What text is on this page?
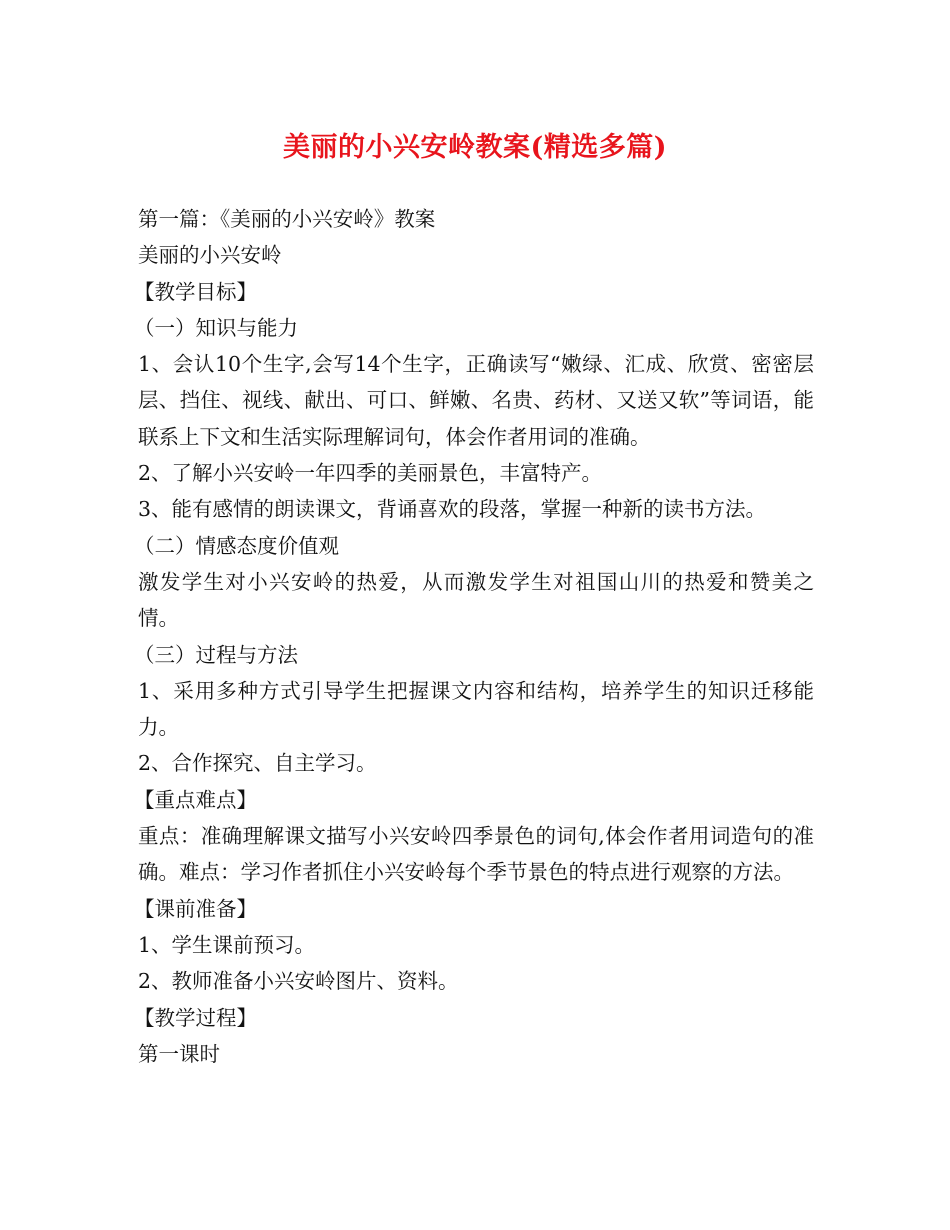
美丽的小兴安岭教案(精选多篇)

第一篇：《美丽的小兴安岭》教案

美丽的小兴安岭

【教学目标】

（一）知识与能力

1、会认10个生字,会写14个生字，正确读写“嫩绿、汇成、欣赏、密密层层、挡住、视线、献出、可口、鲜嫩、名贵、药材、又送又软”等词语，能联系上下文和生活实际理解词句，体会作者用词的准确。

2、了解小兴安岭一年四季的美丽景色，丰富特产。

3、能有感情的朗读课文，背诵喜欢的段落，掌握一种新的读书方法。

（二）情感态度价值观

激发学生对小兴安岭的热爱，从而激发学生对祖国山川的热爱和赞美之情。

（三）过程与方法

1、采用多种方式引导学生把握课文内容和结构，培养学生的知识迁移能力。

2、合作探究、自主学习。

【重点难点】

重点：准确理解课文描写小兴安岭四季景色的词句,体会作者用词造句的准确。难点：学习作者抓住小兴安岭每个季节景色的特点进行观察的方法。

【课前准备】

1、学生课前预习。

2、教师准备小兴安岭图片、资料。

【教学过程】

第一课时
